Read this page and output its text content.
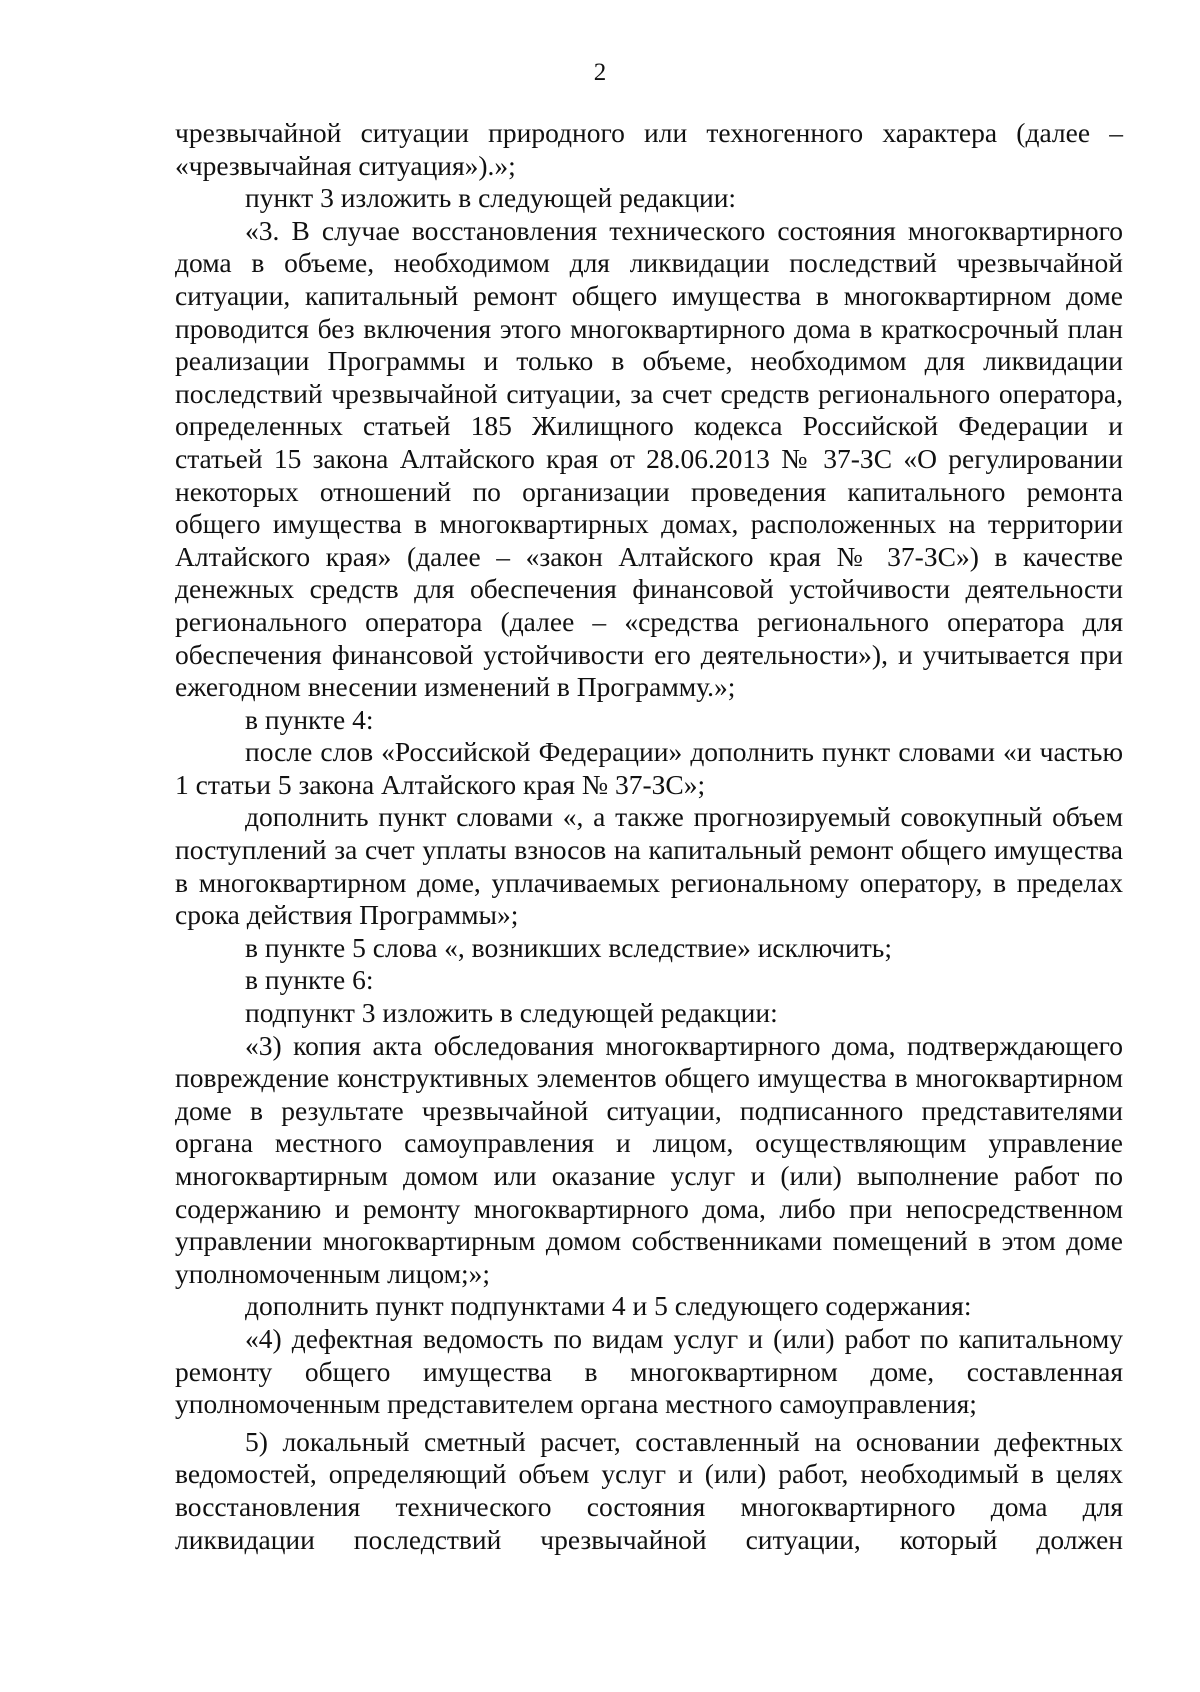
2

чрезвычайной ситуации природного или техногенного характера (далее – «чрезвычайная ситуация»).»;

пункт 3 изложить в следующей редакции:

«3. В случае восстановления технического состояния многоквартирного дома в объеме, необходимом для ликвидации последствий чрезвычайной ситуации, капитальный ремонт общего имущества в многоквартирном доме проводится без включения этого многоквартирного дома в краткосрочный план реализации Программы и только в объеме, необходимом для ликвидации последствий чрезвычайной ситуации, за счет средств регионального оператора, определенных статьей 185 Жилищного кодекса Российской Федерации и статьей 15 закона Алтайского края от 28.06.2013 № 37-ЗС «О регулировании некоторых отношений по организации проведения капитального ремонта общего имущества в многоквартирных домах, расположенных на территории Алтайского края» (далее – «закон Алтайского края № 37-ЗС») в качестве денежных средств для обеспечения финансовой устойчивости деятельности регионального оператора (далее – «средства регионального оператора для обеспечения финансовой устойчивости его деятельности»), и учитывается при ежегодном внесении изменений в Программу.»;

в пункте 4:

после слов «Российской Федерации» дополнить пункт словами «и частью 1 статьи 5 закона Алтайского края № 37-ЗС»;

дополнить пункт словами «, а также прогнозируемый совокупный объем поступлений за счет уплаты взносов на капитальный ремонт общего имущества в многоквартирном доме, уплачиваемых региональному оператору, в пределах срока действия Программы»;

в пункте 5 слова «, возникших вследствие» исключить;

в пункте 6:

подпункт 3 изложить в следующей редакции:

«3) копия акта обследования многоквартирного дома, подтверждающего повреждение конструктивных элементов общего имущества в многоквартирном доме в результате чрезвычайной ситуации, подписанного представителями органа местного самоуправления и лицом, осуществляющим управление многоквартирным домом или оказание услуг и (или) выполнение работ по содержанию и ремонту многоквартирного дома, либо при непосредственном управлении многоквартирным домом собственниками помещений в этом доме уполномоченным лицом;»;

дополнить пункт подпунктами 4 и 5 следующего содержания:

«4) дефектная ведомость по видам услуг и (или) работ по капитальному ремонту общего имущества в многоквартирном доме, составленная уполномоченным представителем органа местного самоуправления;

5) локальный сметный расчет, составленный на основании дефектных ведомостей, определяющий объем услуг и (или) работ, необходимый в целях восстановления технического состояния многоквартирного дома для ликвидации последствий чрезвычайной ситуации, который должен
